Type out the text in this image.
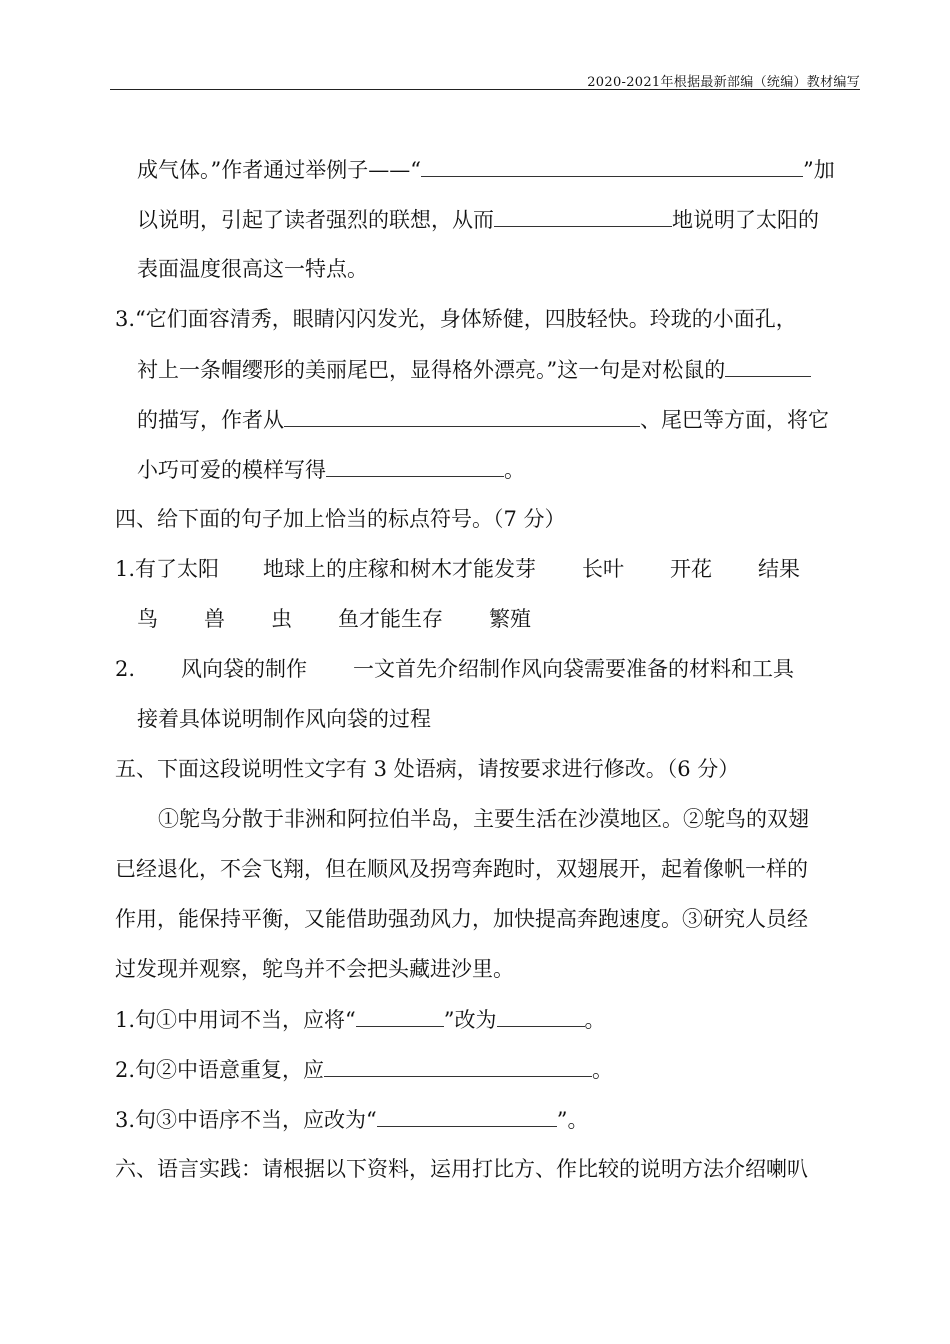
2020-2021年根据最新部编（统编）教材编写
成气体。”作者通过举例子——“	”加
以说明，引起了读者强烈的联想，从而	地说明了太阳的
表面温度很高这一特点。
3.“它们面容清秀，眼睛闪闪发光，身体矫健，四肢轻快。玲珑的小面孔，
衬上一条帽缨形的美丽尾巴，显得格外漂亮。”这一句是对松鼠的
的描写，作者从	、尾巴等方面，将它
小巧可爱的模样写得	。
四、给下面的句子加上恰当的标点符号。（7 分）
1.有了太阳 地球上的庄稼和树木才能发芽 长叶 开花 结果
鸟 兽 虫 鱼才能生存 繁殖
2. 风向袋的制作 一文首先介绍制作风向袋需要准备的材料和工具
接着具体说明制作风向袋的过程
五、下面这段说明性文字有 3 处语病，请按要求进行修改。（6 分）
①鸵鸟分散于非洲和阿拉伯半岛，主要生活在沙漠地区。②鸵鸟的双翅
已经退化，不会飞翔，但在顺风及拐弯奔跑时，双翅展开，起着像帆一样的
作用，能保持平衡，又能借助强劲风力，加快提高奔跑速度。③研究人员经
过发现并观察，鸵鸟并不会把头藏进沙里。
1.句①中用词不当，应将“	”改为	。
2.句②中语意重复，应	。
3.句③中语序不当，应改为“	”。
六、语言实践：请根据以下资料，运用打比方、作比较的说明方法介绍喇叭
